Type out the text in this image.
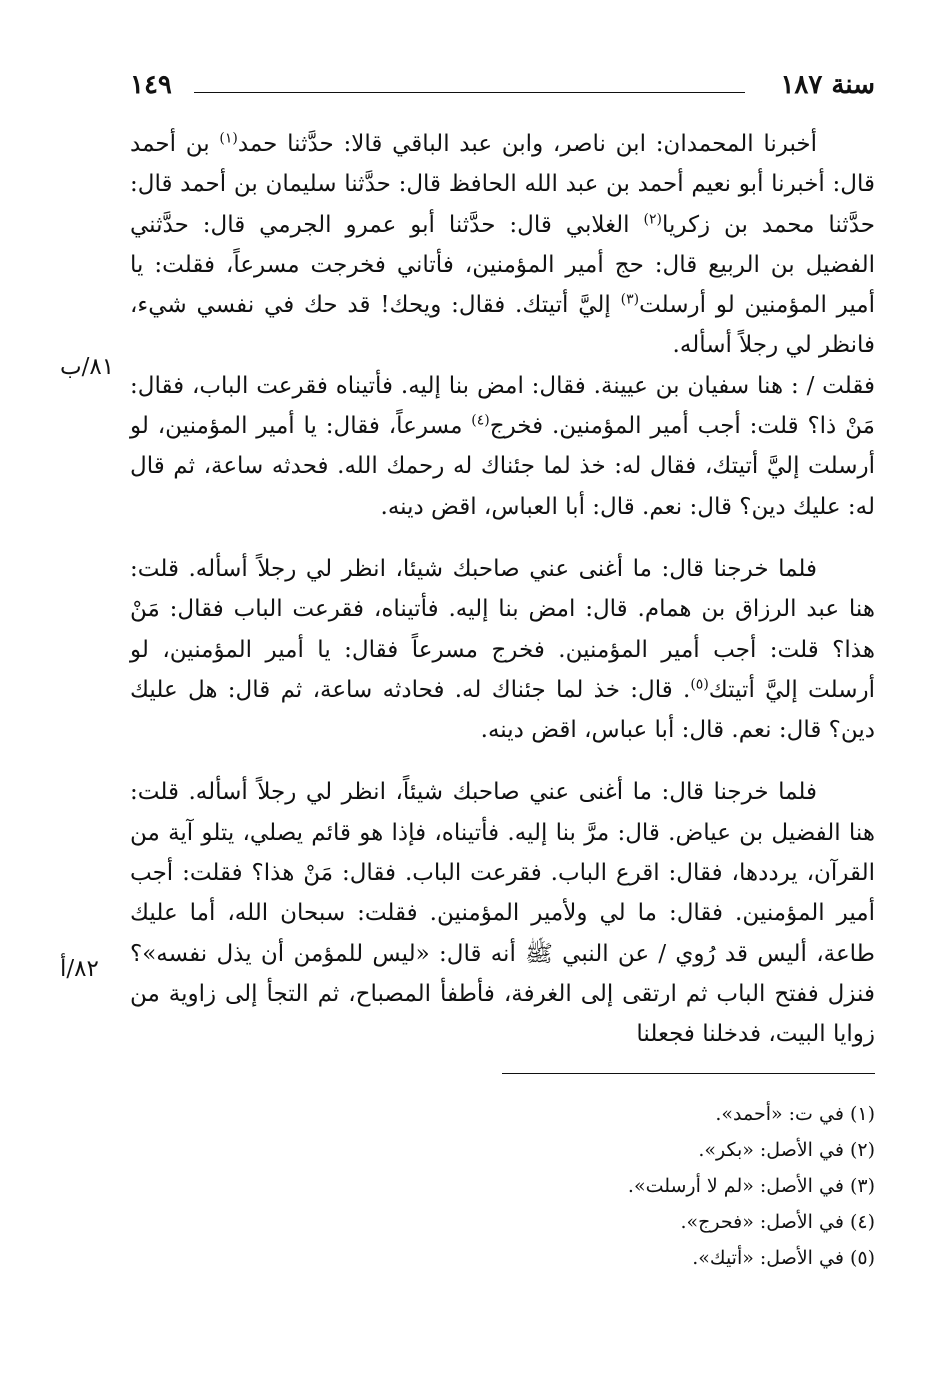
سنة ١٨٧
١٤٩

أخبرنا المحمدان: ابن ناصر، وابن عبد الباقي قالا: حدَّثنا حمد$^{(١)}$ بن أحمد قال: أخبرنا أبو نعيم أحمد بن عبد الله الحافظ قال: حدَّثنا سليمان بن أحمد قال: حدَّثنا محمد بن زكريا$^{(٢)}$ الغلابي قال: حدَّثنا أبو عمرو الجرمي قال: حدَّثني الفضيل بن الربيع قال: حج أمير المؤمنين، فأتاني فخرجت مسرعاً، فقلت: يا أمير المؤمنين لو أرسلت$^{(٣)}$ إليَّ أتيتك. فقال: ويحك! قد حك في نفسي شيء، فانظر لي رجلاً أسأله.

فقلت / : هنا سفيان بن عيينة. فقال: امض بنا إليه. فأتيناه فقرعت الباب، فقال: مَنْ ذا؟ قلت: أجب أمير المؤمنين. فخرج$^{(٤)}$ مسرعاً، فقال: يا أمير المؤمنين، لو أرسلت إليَّ أتيتك، فقال له: خذ لما جئناك له رحمك الله. فحدثه ساعة، ثم قال له: عليك دين؟ قال: نعم. قال: أبا العباس، اقض دينه.

فلما خرجنا قال: ما أغنى عني صاحبك شيئا، انظر لي رجلاً أسأله. قلت: هنا عبد الرزاق بن همام. قال: امض بنا إليه. فأتيناه، فقرعت الباب فقال: مَنْ هذا؟ قلت: أجب أمير المؤمنين. فخرج مسرعاً فقال: يا أمير المؤمنين، لو أرسلت إليَّ أتيتك$^{(٥)}$. قال: خذ لما جئناك له. فحادثه ساعة، ثم قال: هل عليك دين؟ قال: نعم. قال: أبا عباس، اقض دينه.

فلما خرجنا قال: ما أغنى عني صاحبك شيئاً، انظر لي رجلاً أسأله. قلت: هنا الفضيل بن عياض. قال: مرَّ بنا إليه. فأتيناه، فإذا هو قائم يصلي، يتلو آية من القرآن، يرددها، فقال: اقرع الباب. فقرعت الباب. فقال: مَنْ هذا؟ فقلت: أجب أمير المؤمنين. فقال: ما لي ولأمير المؤمنين. فقلت: سبحان الله، أما عليك طاعة، أليس قد رُوي / عن النبي ﷺ أنه قال: «ليس للمؤمن أن يذل نفسه»؟ فنزل ففتح الباب ثم ارتقى إلى الغرفة، فأطفأ المصباح، ثم التجأ إلى زاوية من زوايا البيت، فدخلنا فجعلنا

٨١/ب
٨٢/أ

(١) في ت: «أحمد».

(٢) في الأصل: «بكر».

(٣) في الأصل: «لم لا أرسلت».

(٤) في الأصل: «فحرج».

(٥) في الأصل: «أتيك».
